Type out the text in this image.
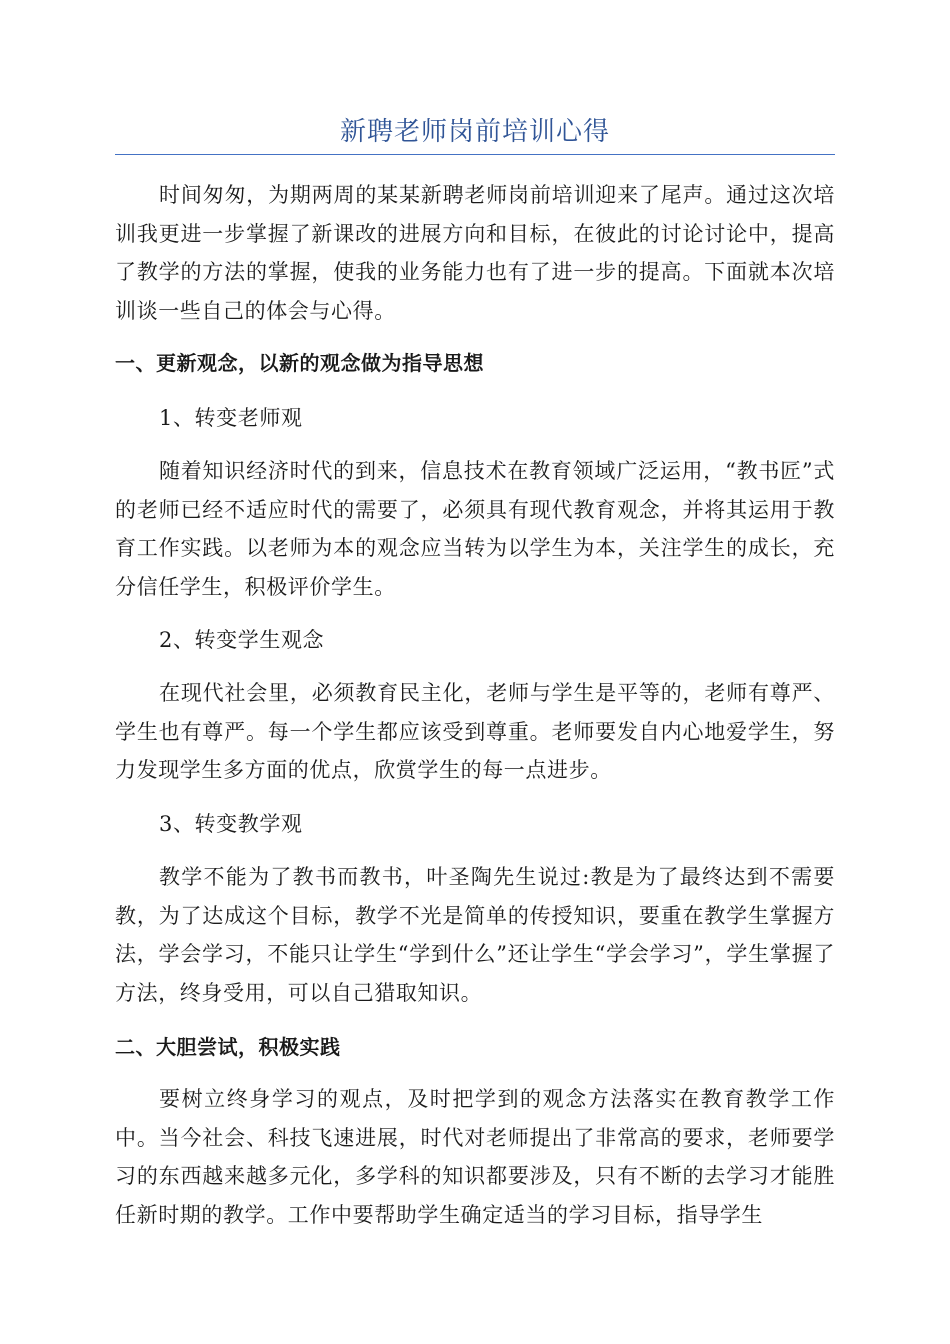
新聘老师岗前培训心得
时间匆匆，为期两周的某某新聘老师岗前培训迎来了尾声。通过这次培训我更进一步掌握了新课改的进展方向和目标，在彼此的讨论讨论中，提高了教学的方法的掌握，使我的业务能力也有了进一步的提高。下面就本次培训谈一些自己的体会与心得。
一、更新观念，以新的观念做为指导思想
1、转变老师观
随着知识经济时代的到来，信息技术在教育领域广泛运用，“教书匠”式的老师已经不适应时代的需要了，必须具有现代教育观念，并将其运用于教育工作实践。以老师为本的观念应当转为以学生为本，关注学生的成长，充分信任学生，积极评价学生。
2、转变学生观念
在现代社会里，必须教育民主化，老师与学生是平等的，老师有尊严、学生也有尊严。每一个学生都应该受到尊重。老师要发自内心地爱学生，努力发现学生多方面的优点，欣赏学生的每一点进步。
3、转变教学观
教学不能为了教书而教书，叶圣陶先生说过:教是为了最终达到不需要教，为了达成这个目标，教学不光是简单的传授知识，要重在教学生掌握方法，学会学习，不能只让学生“学到什么”还让学生“学会学习”，学生掌握了方法，终身受用，可以自己猎取知识。
二、大胆尝试，积极实践
要树立终身学习的观点，及时把学到的观念方法落实在教育教学工作中。当今社会、科技飞速进展，时代对老师提出了非常高的要求，老师要学习的东西越来越多元化，多学科的知识都要涉及，只有不断的去学习才能胜任新时期的教学。工作中要帮助学生确定适当的学习目标，指导学生
